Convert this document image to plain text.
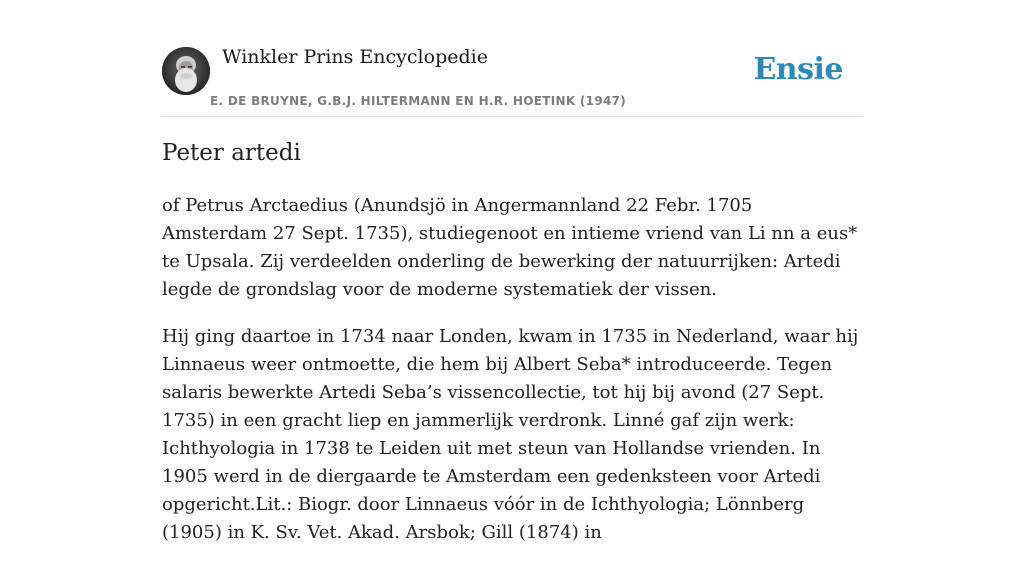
Winkler Prins Encyclopedie
E. DE BRUYNE, G.B.J. HILTERMANN EN H.R. HOETINK (1947)
Ensie
Peter artedi

of Petrus Arctaedius (Anundsjö in Angermannland 22 Febr. 1705 Amsterdam 27 Sept. 1735), studiegenoot en intieme vriend van Li nn a eus* te Upsala. Zij verdeelden onderling de bewerking der natuurrijken: Artedi legde de grondslag voor de moderne systematiek der vissen.

Hij ging daartoe in 1734 naar Londen, kwam in 1735 in Nederland, waar hij Linnaeus weer ontmoette, die hem bij Albert Seba* introduceerde. Tegen salaris bewerkte Artedi Seba’s vissencollectie, tot hij bij avond (27 Sept. 1735) in een gracht liep en jammerlijk verdronk. Linné gaf zijn werk: Ichthyologia in 1738 te Leiden uit met steun van Hollandse vrienden. In 1905 werd in de diergaarde te Amsterdam een gedenksteen voor Artedi opgericht.Lit.: Biogr. door Linnaeus vóór in de Ichthyologia; Lönnberg (1905) in K. Sv. Vet. Akad. Arsbok; Gill (1874) in
